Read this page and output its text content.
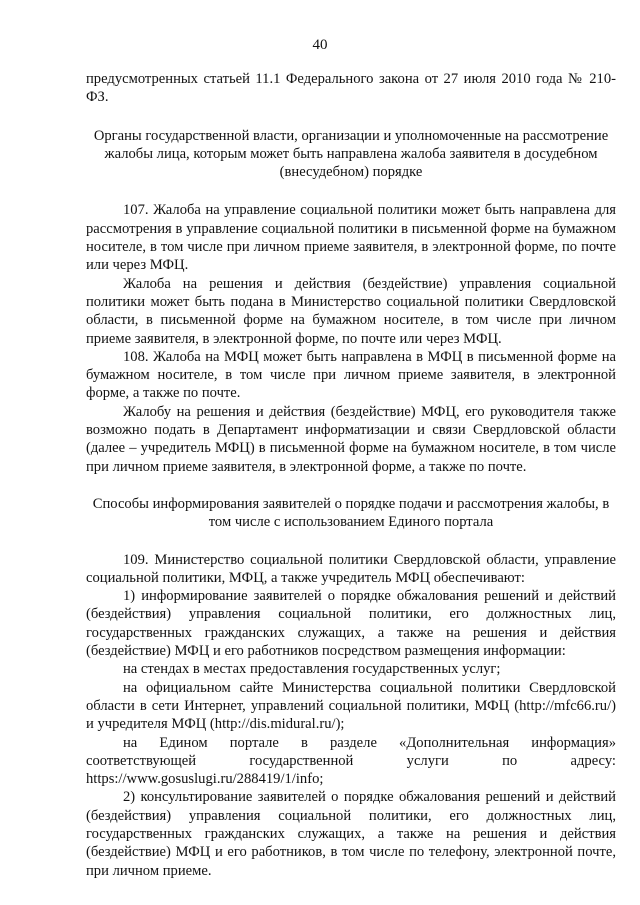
40

предусмотренных статьей 11.1 Федерального закона от 27 июля 2010 года № 210-ФЗ.

Органы государственной власти, организации и уполномоченные на рассмотрение жалобы лица, которым может быть направлена жалоба заявителя в досудебном (внесудебном) порядке

107. Жалоба на управление социальной политики может быть направлена для рассмотрения в управление социальной политики в письменной форме на бумажном носителе, в том числе при личном приеме заявителя, в электронной форме, по почте или через МФЦ.

Жалоба на решения и действия (бездействие) управления социальной политики может быть подана в Министерство социальной политики Свердловской области, в письменной форме на бумажном носителе, в том числе при личном приеме заявителя, в электронной форме, по почте или через МФЦ.

108. Жалоба на МФЦ может быть направлена в МФЦ в письменной форме на бумажном носителе, в том числе при личном приеме заявителя, в электронной форме, а также по почте.

Жалобу на решения и действия (бездействие) МФЦ, его руководителя также возможно подать в Департамент информатизации и связи Свердловской области (далее – учредитель МФЦ) в письменной форме на бумажном носителе, в том числе при личном приеме заявителя, в электронной форме, а также по почте.

Способы информирования заявителей о порядке подачи и рассмотрения жалобы, в том числе с использованием Единого портала

109. Министерство социальной политики Свердловской области, управление социальной политики, МФЦ, а также учредитель МФЦ обеспечивают:

1) информирование заявителей о порядке обжалования решений и действий (бездействия) управления социальной политики, его должностных лиц, государственных гражданских служащих, а также на решения и действия (бездействие) МФЦ и его работников посредством размещения информации:

на стендах в местах предоставления государственных услуг;

на официальном сайте Министерства социальной политики Свердловской области в сети Интернет, управлений социальной политики, МФЦ (http://mfc66.ru/) и учредителя МФЦ (http://dis.midural.ru/);

на Едином портале в разделе «Дополнительная информация» соответствующей государственной услуги по адресу: https://www.gosuslugi.ru/288419/1/info;

2) консультирование заявителей о порядке обжалования решений и действий (бездействия) управления социальной политики, его должностных лиц, государственных гражданских служащих, а также на решения и действия (бездействие) МФЦ и его работников, в том числе по телефону, электронной почте, при личном приеме.
